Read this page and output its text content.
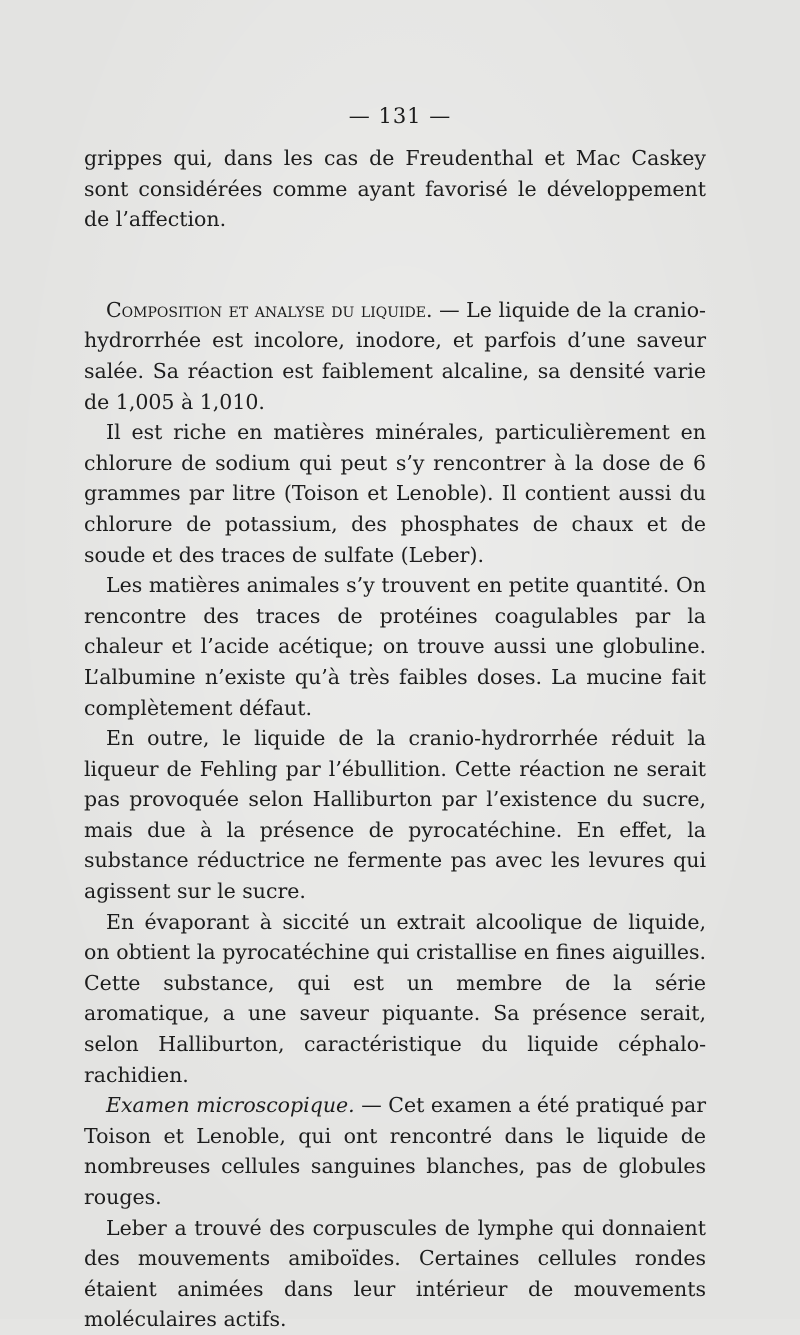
— 131 —

grippes qui, dans les cas de Freudenthal et Mac Caskey sont considérées comme ayant favorisé le développement de l’affection.

Composition et analyse du liquide. — Le liquide de la cranio-hydrorrhée est incolore, inodore, et parfois d’une saveur salée. Sa réaction est faiblement alcaline, sa densité varie de 1,005 à 1,010.

Il est riche en matières minérales, particulièrement en chlorure de sodium qui peut s’y rencontrer à la dose de 6 grammes par litre (Toison et Lenoble). Il contient aussi du chlorure de potassium, des phosphates de chaux et de soude et des traces de sulfate (Leber).

Les matières animales s’y trouvent en petite quantité. On rencontre des traces de protéines coagulables par la chaleur et l’acide acétique; on trouve aussi une globuline. L’albumine n’existe qu’à très faibles doses. La mucine fait complètement défaut.

En outre, le liquide de la cranio-hydrorrhée réduit la liqueur de Fehling par l’ébullition. Cette réaction ne serait pas provoquée selon Halliburton par l’existence du sucre, mais due à la présence de pyrocatéchine. En effet, la substance réductrice ne fermente pas avec les levures qui agissent sur le sucre.

En évaporant à siccité un extrait alcoolique de liquide, on obtient la pyrocatéchine qui cristallise en fines aiguilles. Cette substance, qui est un membre de la série aromatique, a une saveur piquante. Sa présence serait, selon Halliburton, caractéristique du liquide céphalo-rachidien.

Examen microscopique. — Cet examen a été pratiqué par Toison et Lenoble, qui ont rencontré dans le liquide de nombreuses cellules sanguines blanches, pas de globules rouges.

Leber a trouvé des corpuscules de lymphe qui donnaient des mouvements amiboïdes. Certaines cellules rondes étaient animées dans leur intérieur de mouvements moléculaires actifs.
